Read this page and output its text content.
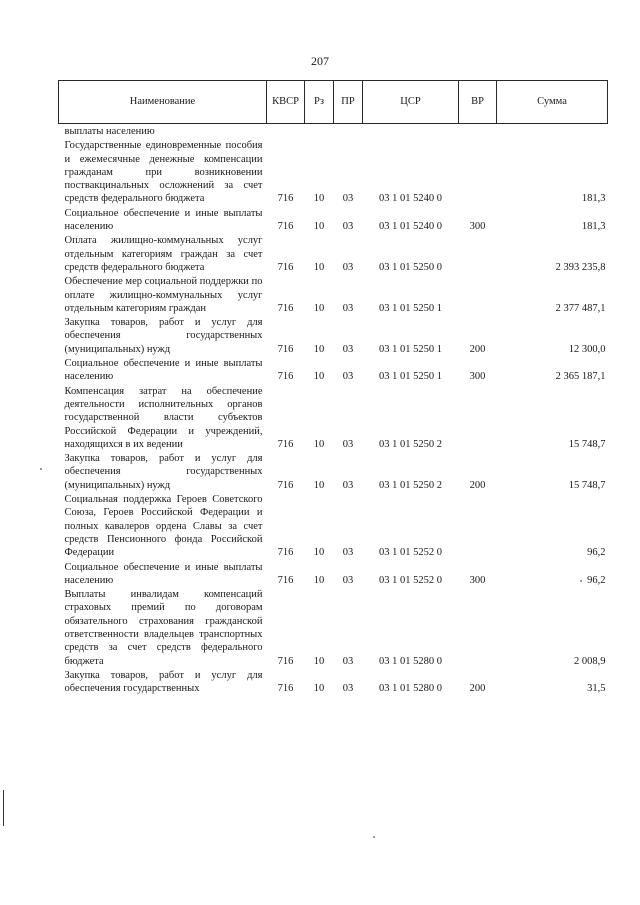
207
Наименование	КВСР	Рз	ПР	ЦСР	ВР	Сумма
выплаты населению						
Государственные единовременные пособия и ежемесячные денежные компенсации гражданам при возникновении поствакцинальных осложнений за счет средств федерального бюджета	716	10	03	03 1 01 5240 0		181,3
Социальное обеспечение и иные выплаты населению	716	10	03	03 1 01 5240 0	300	181,3
Оплата жилищно-коммунальных услуг отдельным категориям граждан за счет средств федерального бюджета	716	10	03	03 1 01 5250 0		2 393 235,8
Обеспечение мер социальной поддержки по оплате жилищно-коммунальных услуг отдельным категориям граждан	716	10	03	03 1 01 5250 1		2 377 487,1
Закупка товаров, работ и услуг для обеспечения государственных (муниципальных) нужд	716	10	03	03 1 01 5250 1	200	12 300,0
Социальное обеспечение и иные выплаты населению	716	10	03	03 1 01 5250 1	300	2 365 187,1
Компенсация затрат на обеспечение деятельности исполнительных органов государственной власти субъектов Российской Федерации и учреждений, находящихся в их ведении	716	10	03	03 1 01 5250 2		15 748,7
Закупка товаров, работ и услуг для обеспечения государственных (муниципальных) нужд	716	10	03	03 1 01 5250 2	200	15 748,7
Социальная поддержка Героев Советского Союза, Героев Российской Федерации и полных кавалеров ордена Славы за счет средств Пенсионного фонда Российской Федерации	716	10	03	03 1 01 5252 0		96,2
Социальное обеспечение и иные выплаты населению	716	10	03	03 1 01 5252 0	300	96,2
Выплаты инвалидам компенсаций страховых премий по договорам обязательного страхования гражданской ответственности владельцев транспортных средств за счет средств федерального бюджета	716	10	03	03 1 01 5280 0		2 008,9
Закупка товаров, работ и услуг для обеспечения государственных	716	10	03	03 1 01 5280 0	200	31,5
